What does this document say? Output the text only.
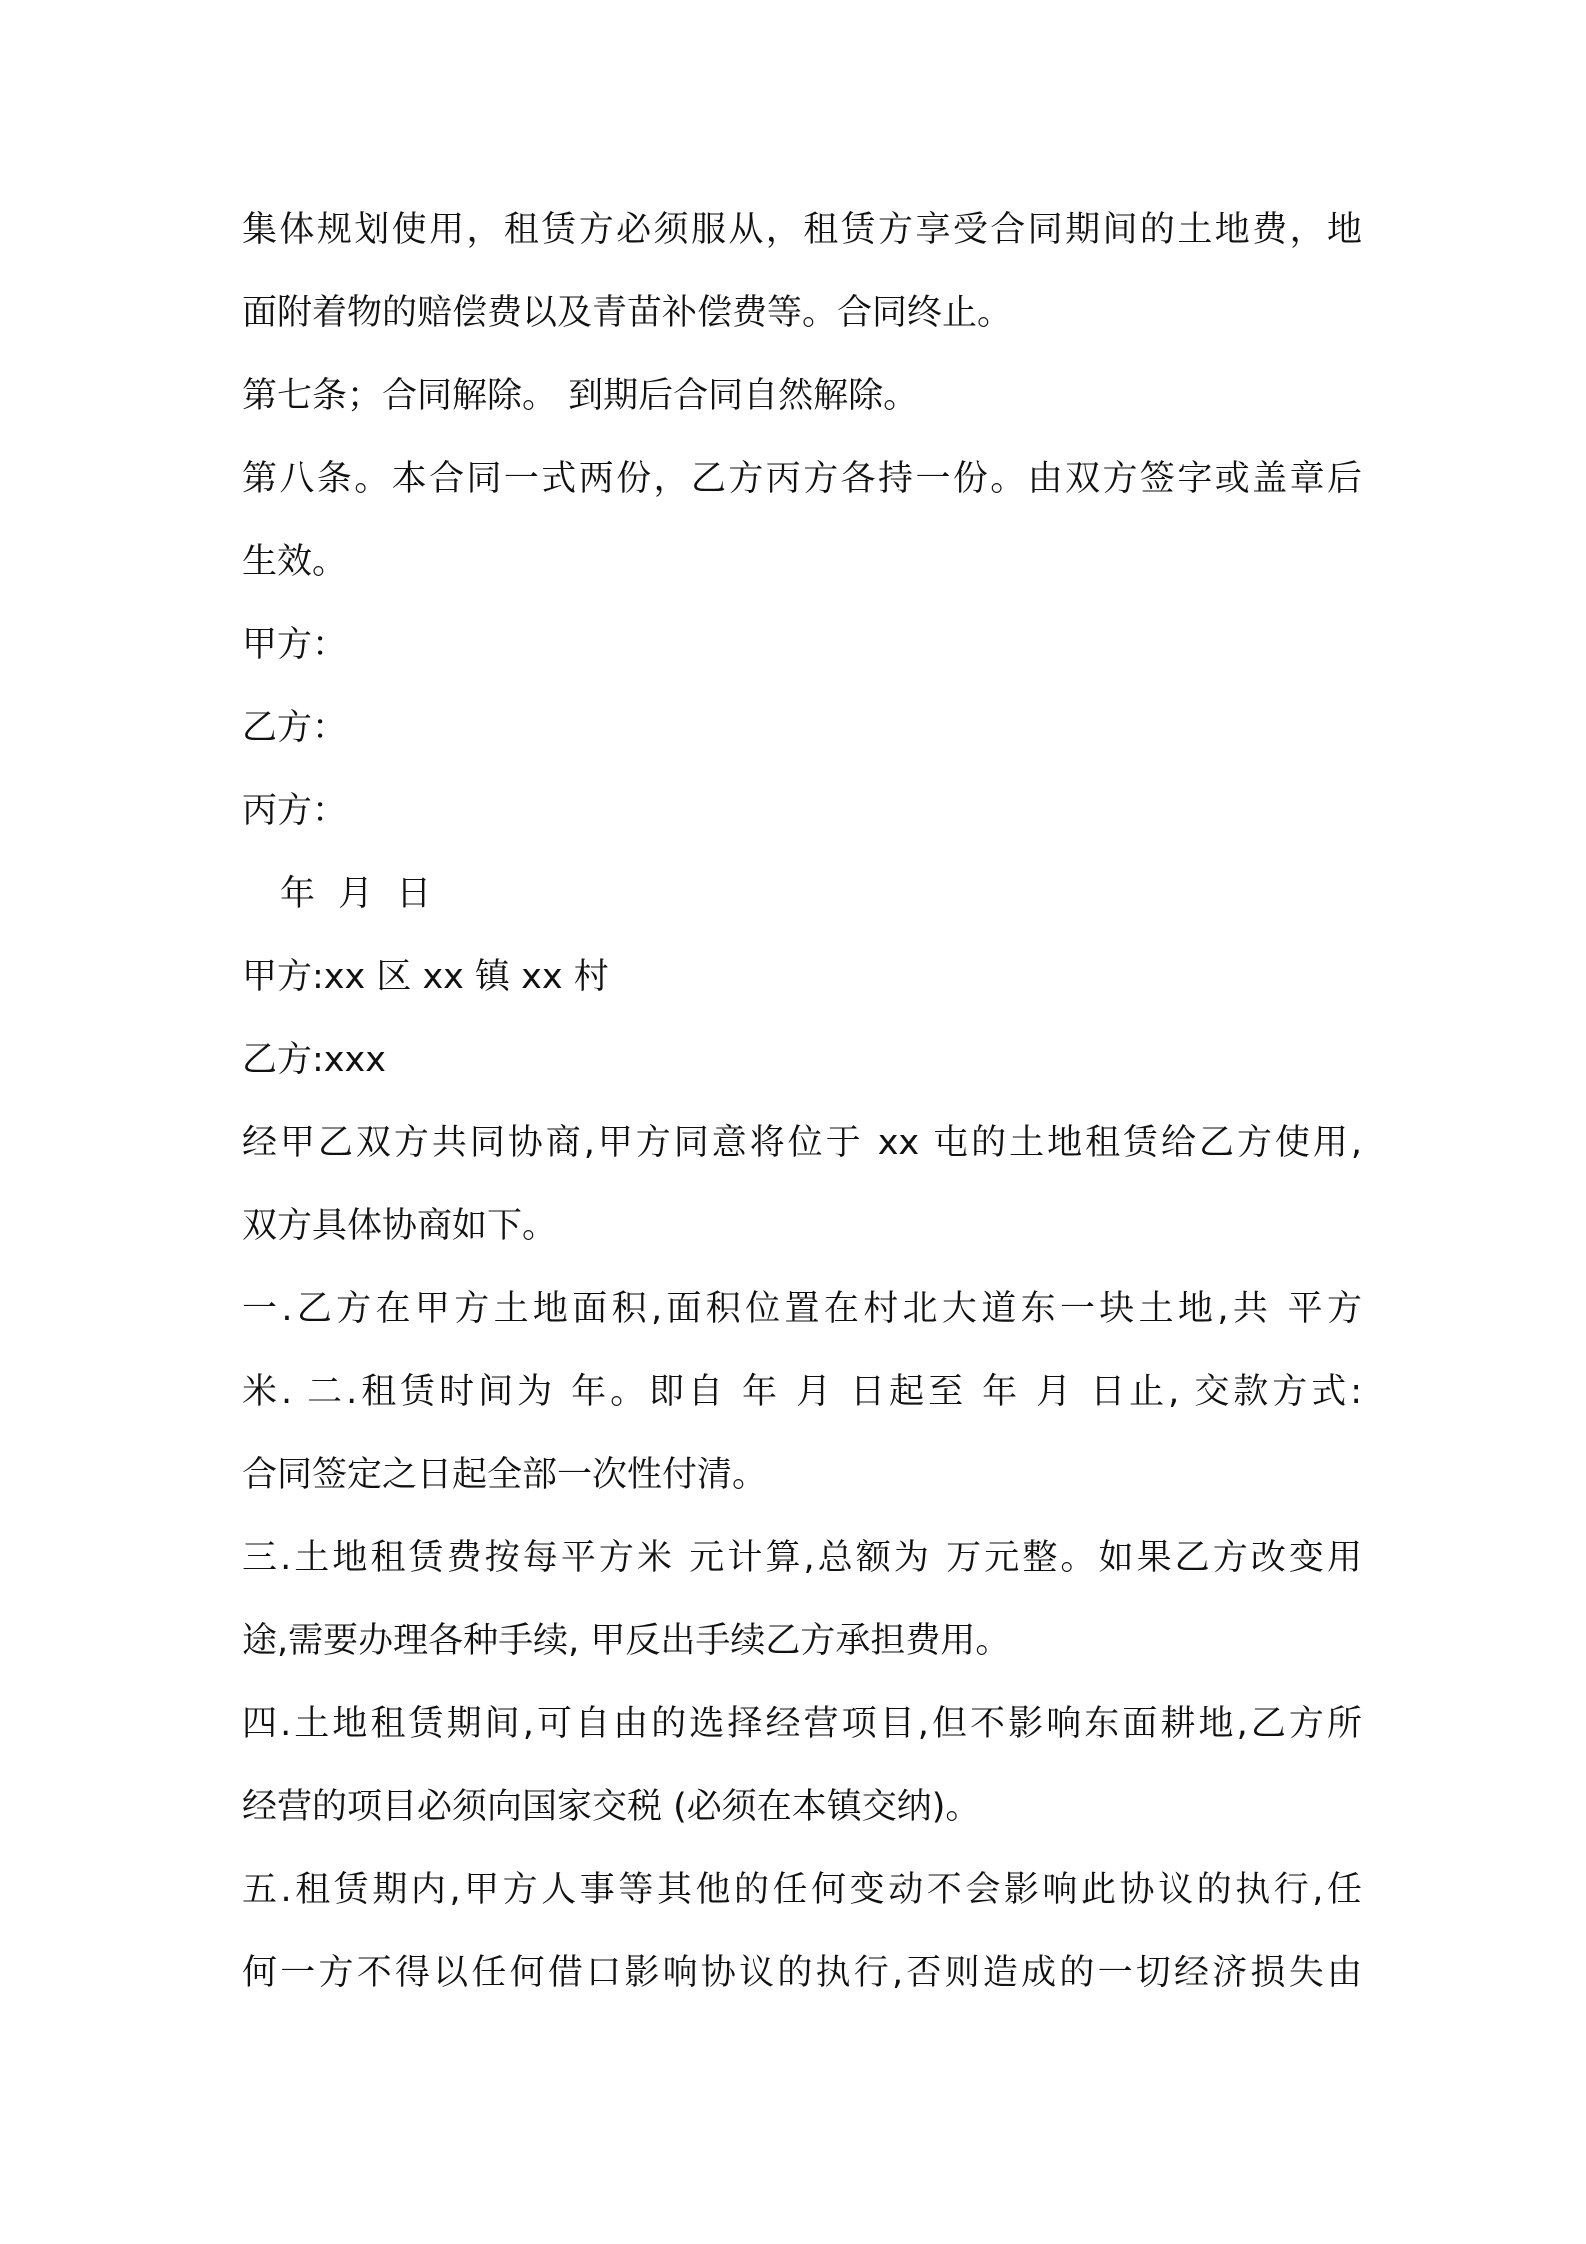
集体规划使用，租赁方必须服从，租赁方享受合同期间的土地费，地
面附着物的赔偿费以及青苗补偿费等。合同终止。
第七条；合同解除。 到期后合同自然解除。
第八条。本合同一式两份，乙方丙方各持一份。由双方签字或盖章后
生效。
甲方：
乙方：
丙方：
年 月 日
甲方:xx 区 xx 镇 xx 村
乙方:xxx
经甲乙双方共同协商,甲方同意将位于 xx 屯的土地租赁给乙方使用,
双方具体协商如下。
一.乙方在甲方土地面积,面积位置在村北大道东一块土地,共 平方
米. 二.租赁时间为 年。即自 年 月 日起至 年 月 日止, 交款方式:
合同签定之日起全部一次性付清。
三.土地租赁费按每平方米 元计算,总额为 万元整。如果乙方改变用
途,需要办理各种手续, 甲反出手续乙方承担费用。
四.土地租赁期间,可自由的选择经营项目,但不影响东面耕地,乙方所
经营的项目必须向国家交税 (必须在本镇交纳)。
五.租赁期内,甲方人事等其他的任何变动不会影响此协议的执行,任
何一方不得以任何借口影响协议的执行,否则造成的一切经济损失由
